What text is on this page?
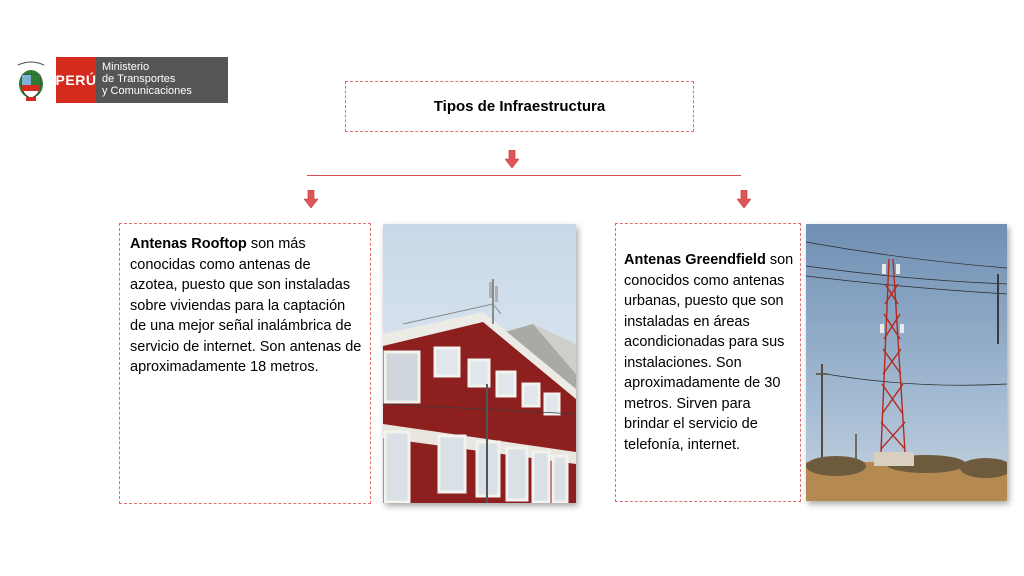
PERÚ
Ministerio
de Transportes
y Comunicaciones
Tipos de Infraestructura
Antenas Rooftop son más conocidas como antenas de azotea, puesto que son instaladas sobre viviendas para la captación de una mejor señal inalámbrica de servicio de internet. Son antenas de aproximadamente 18 metros.
Antenas Greendfield son conocidos como antenas urbanas, puesto que son instaladas en áreas acondicionadas para sus instalaciones. Son aproximadamente de 30 metros. Sirven para brindar el servicio de telefonía, internet.
